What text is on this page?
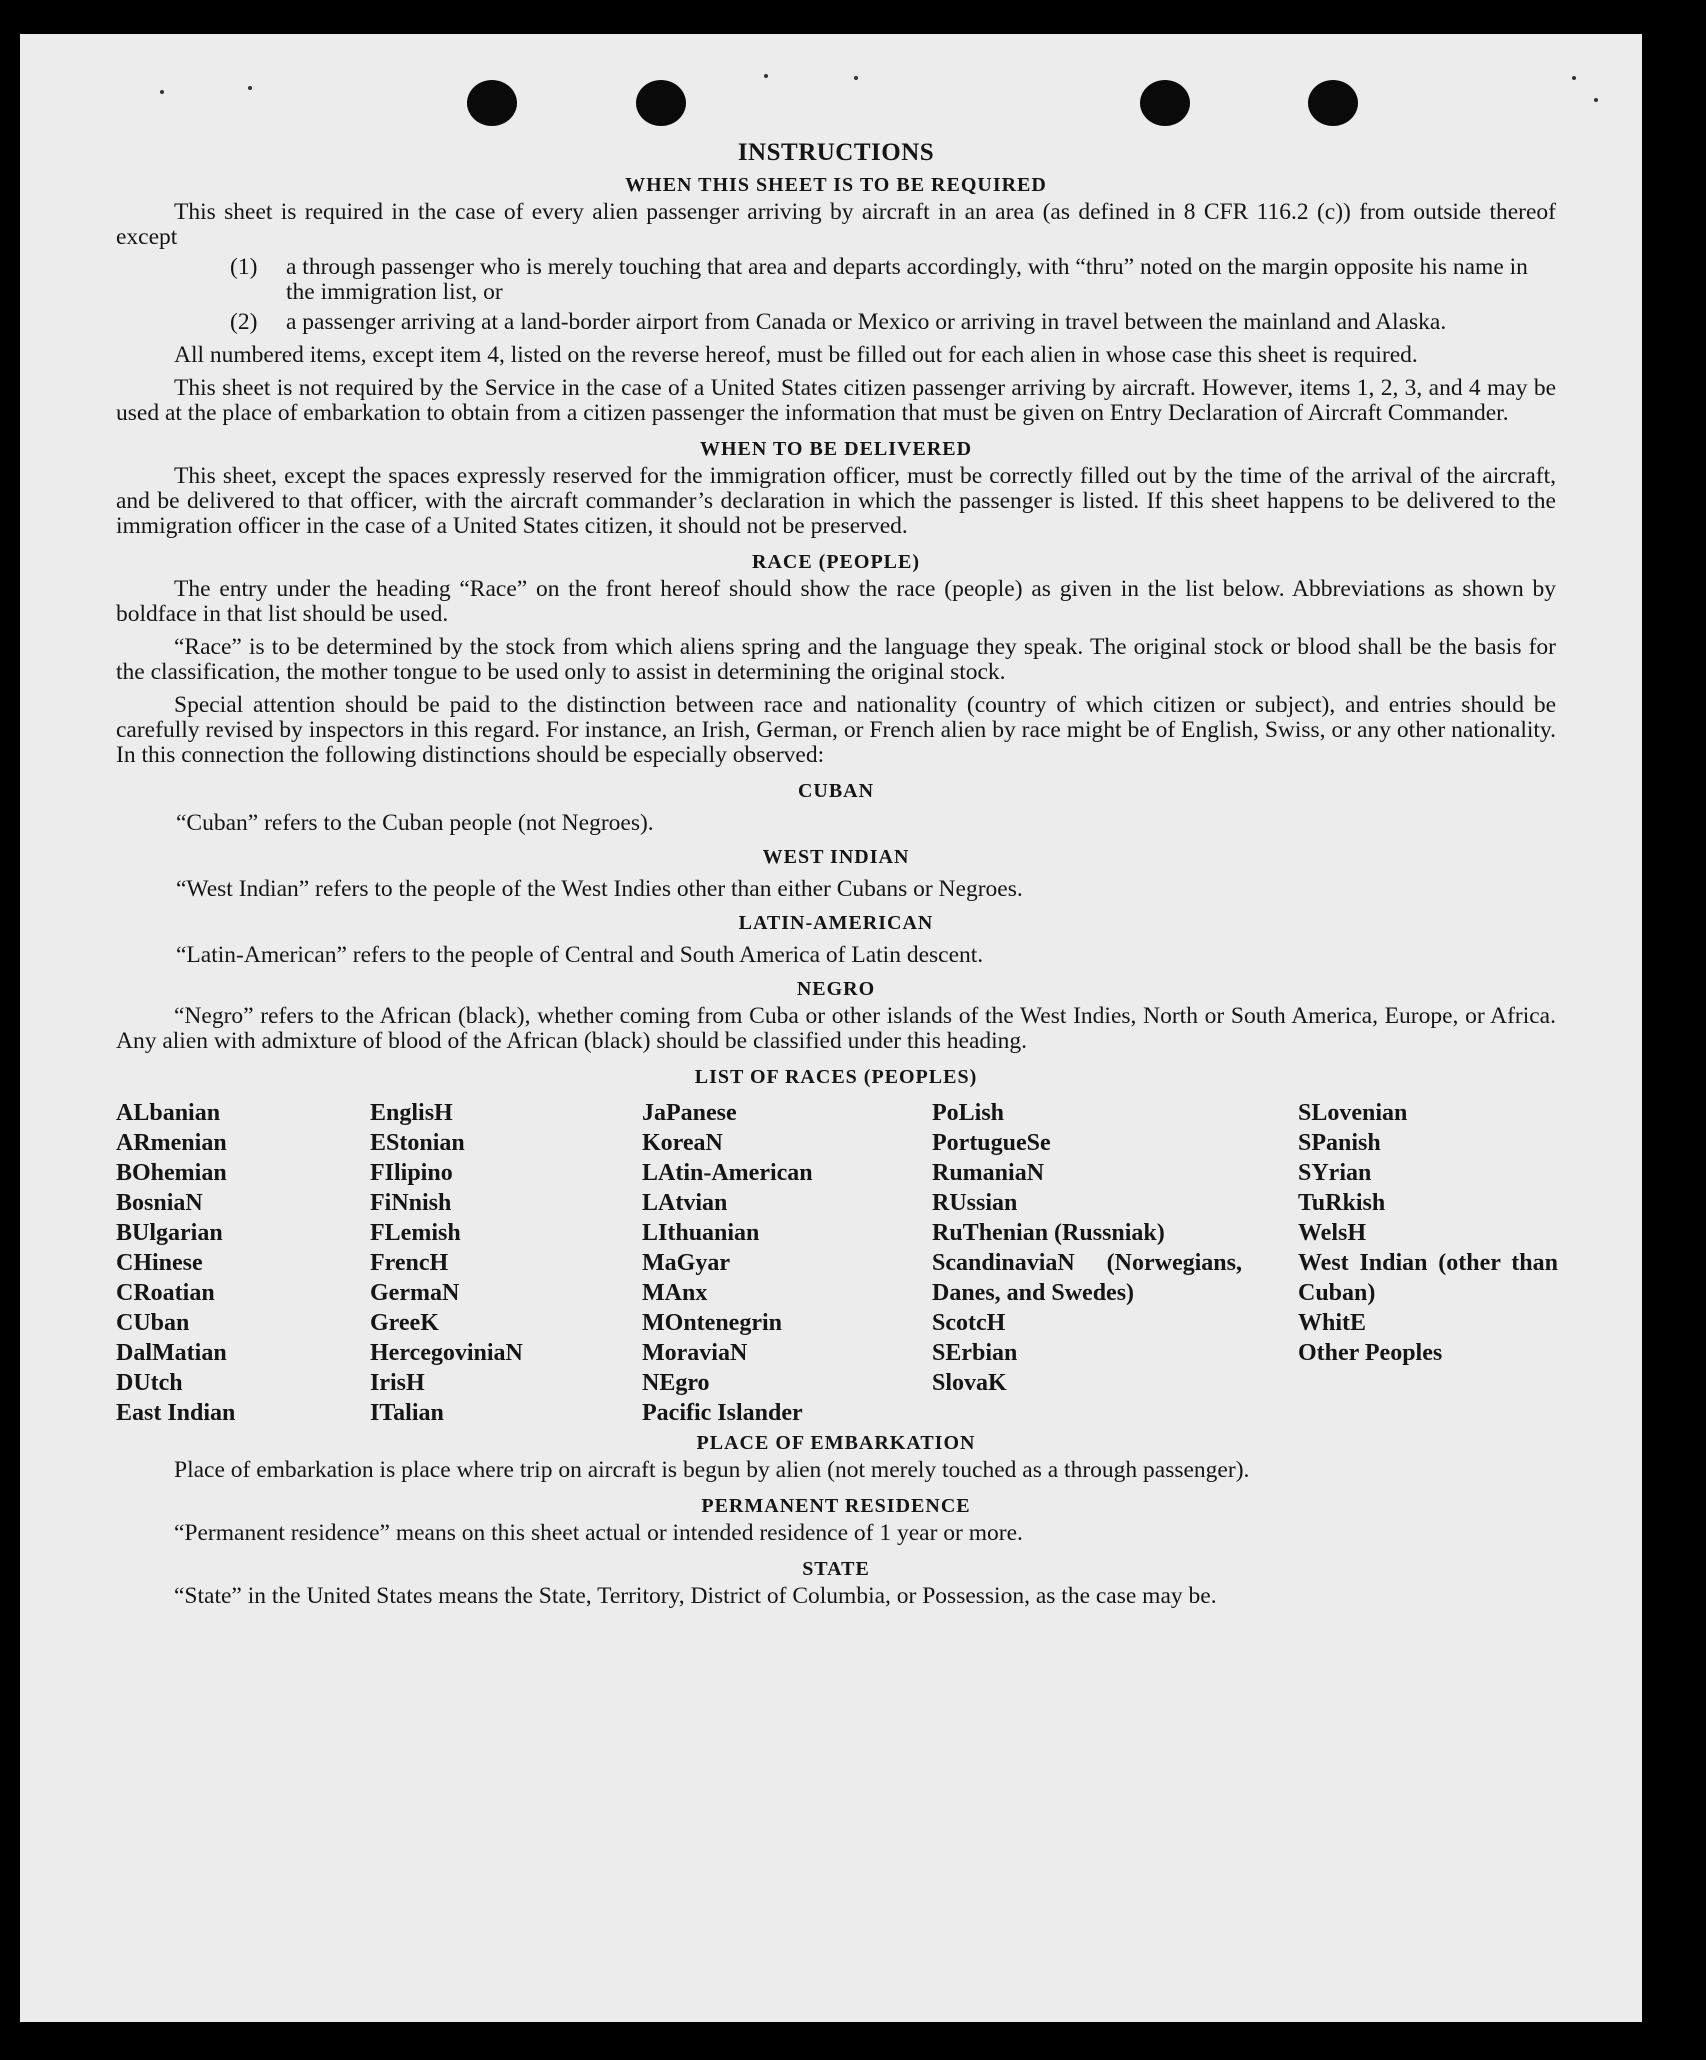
INSTRUCTIONS
WHEN THIS SHEET IS TO BE REQUIRED

This sheet is required in the case of every alien passenger arriving by aircraft in an area (as defined in 8 CFR 116.2 (c)) from outside thereof except

(1)	a through passenger who is merely touching that area and departs accordingly, with “thru” noted on the margin opposite his name in the immigration list, or
(2)	a passenger arriving at a land-border airport from Canada or Mexico or arriving in travel between the mainland and Alaska.

All numbered items, except item 4, listed on the reverse hereof, must be filled out for each alien in whose case this sheet is required.

This sheet is not required by the Service in the case of a United States citizen passenger arriving by aircraft. However, items 1, 2, 3, and 4 may be used at the place of embarkation to obtain from a citizen passenger the information that must be given on Entry Declaration of Aircraft Commander.

WHEN TO BE DELIVERED

This sheet, except the spaces expressly reserved for the immigration officer, must be correctly filled out by the time of the arrival of the aircraft, and be delivered to that officer, with the aircraft commander’s declaration in which the passenger is listed. If this sheet happens to be delivered to the immigration officer in the case of a United States citizen, it should not be preserved.

RACE (PEOPLE)

The entry under the heading “Race” on the front hereof should show the race (people) as given in the list below. Abbreviations as shown by boldface in that list should be used.

“Race” is to be determined by the stock from which aliens spring and the language they speak. The original stock or blood shall be the basis for the classification, the mother tongue to be used only to assist in determining the original stock.

Special attention should be paid to the distinction between race and nationality (country of which citizen or subject), and entries should be carefully revised by inspectors in this regard. For instance, an Irish, German, or French alien by race might be of English, Swiss, or any other nationality. In this connection the following distinctions should be especially observed:

CUBAN
“Cuban” refers to the Cuban people (not Negroes).
WEST INDIAN
“West Indian” refers to the people of the West Indies other than either Cubans or Negroes.
LATIN-AMERICAN
“Latin-American” refers to the people of Central and South America of Latin descent.
NEGRO

“Negro” refers to the African (black), whether coming from Cuba or other islands of the West Indies, North or South America, Europe, or Africa. Any alien with admixture of blood of the African (black) should be classified under this heading.

LIST OF RACES (PEOPLES)
ALbanian
ARmenian
BOhemian
BosniaN
BUlgarian
CHinese
CRoatian
CUban
DalMatian
DUtch
East Indian
EnglisH
EStonian
FIlipino
FiNnish
FLemish
FrencH
GermaN
GreeK
HercegoviniaN
IrisH
ITalian
JaPanese
KoreaN
LAtin-American
LAtvian
LIthuanian
MaGyar
MAnx
MOntenegrin
MoraviaN
NEgro
Pacific Islander
PoLish
PortugueSe
RumaniaN
RUssian
RuThenian (Russniak)
ScandinaviaN (Norwegians, Danes, and Swedes)
ScotcH
SErbian
SlovaK
SLovenian
SPanish
SYrian
TuRkish
WelsH
West Indian (other than Cuban)
WhitE
Other Peoples
PLACE OF EMBARKATION

Place of embarkation is place where trip on aircraft is begun by alien (not merely touched as a through passenger).

PERMANENT RESIDENCE

“Permanent residence” means on this sheet actual or intended residence of 1 year or more.

STATE

“State” in the United States means the State, Territory, District of Columbia, or Possession, as the case may be.
